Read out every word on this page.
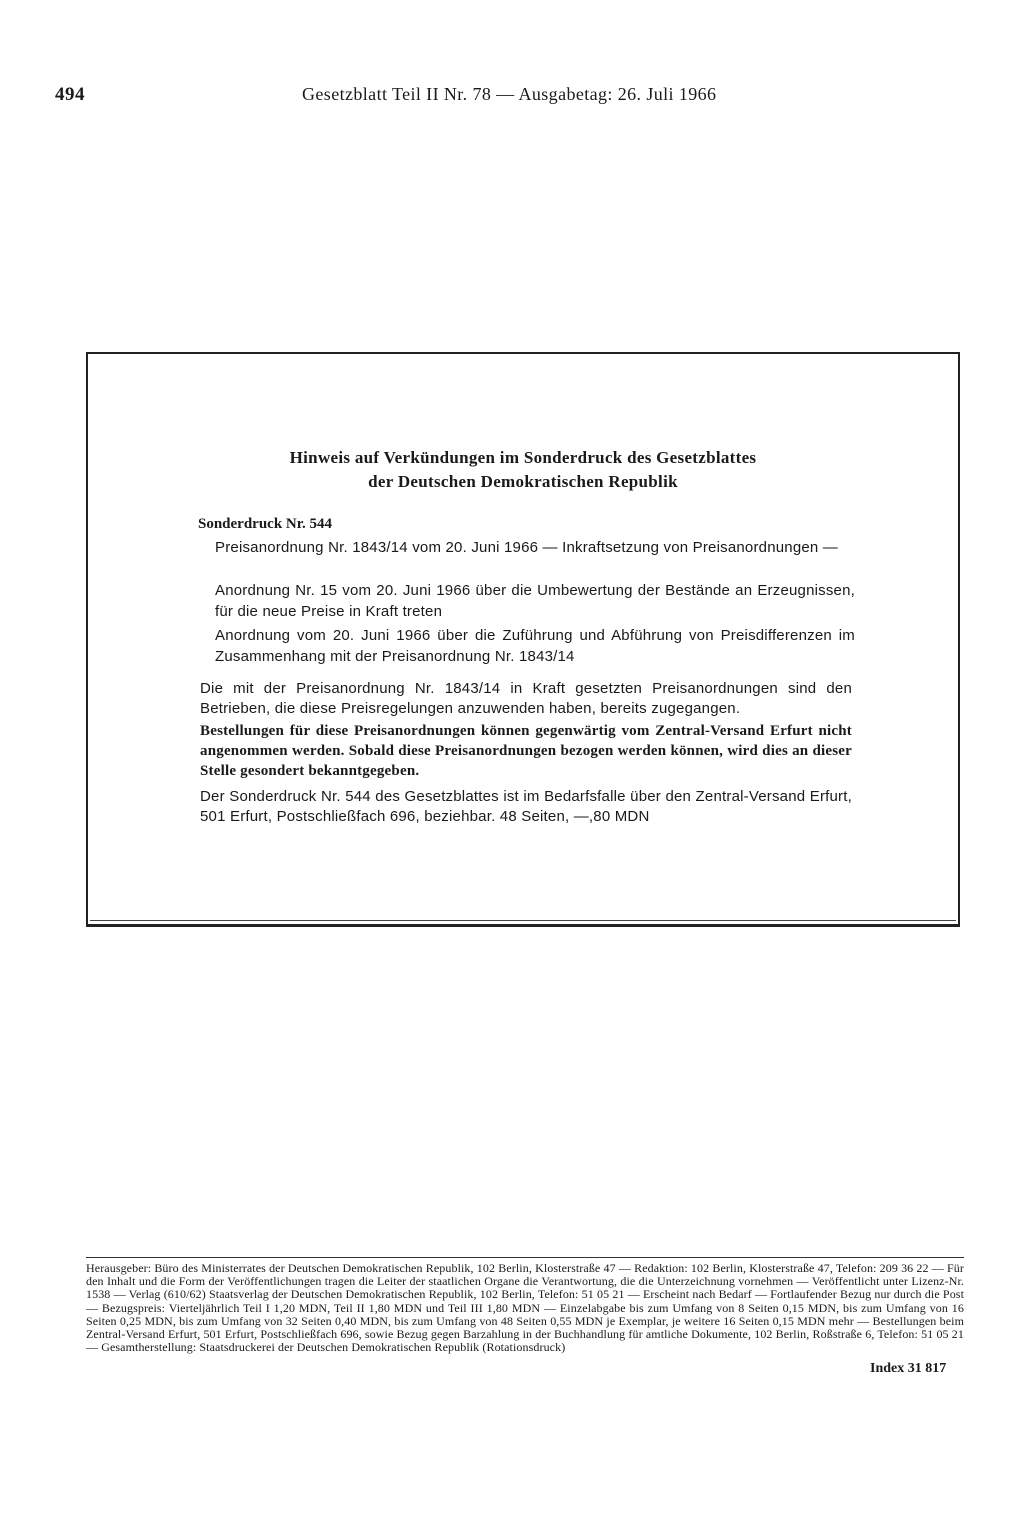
494	Gesetzblatt Teil II Nr. 78 — Ausgabetag: 26. Juli 1966
Hinweis auf Verkündungen im Sonderdruck des Gesetzblattes
der Deutschen Demokratischen Republik
Sonderdruck Nr. 544
Preisanordnung Nr. 1843/14 vom 20. Juni 1966 — Inkraftsetzung von Preisanordnungen —
Anordnung Nr. 15 vom 20. Juni 1966 über die Umbewertung der Bestände an Erzeugnissen, für die neue Preise in Kraft treten
Anordnung vom 20. Juni 1966 über die Zuführung und Abführung von Preisdifferenzen im Zusammenhang mit der Preisanordnung Nr. 1843/14
Die mit der Preisanordnung Nr. 1843/14 in Kraft gesetzten Preisanordnungen sind den Betrieben, die diese Preisregelungen anzuwenden haben, bereits zugegangen.
Bestellungen für diese Preisanordnungen können gegenwärtig vom Zentral-Versand Erfurt nicht angenommen werden. Sobald diese Preisanordnungen bezogen werden können, wird dies an dieser Stelle gesondert bekanntgegeben.
Der Sonderdruck Nr. 544 des Gesetzblattes ist im Bedarfsfalle über den Zentral-Versand Erfurt, 501 Erfurt, Postschließfach 696, beziehbar. 48 Seiten, —,80 MDN
Herausgeber: Büro des Ministerrates der Deutschen Demokratischen Republik, 102 Berlin, Klosterstraße 47 — Redaktion: 102 Berlin, Klosterstraße 47, Telefon: 209 36 22 — Für den Inhalt und die Form der Veröffentlichungen tragen die Leiter der staatlichen Organe die Verantwortung, die die Unterzeichnung vornehmen — Veröffentlicht unter Lizenz-Nr. 1538 — Verlag (610/62) Staatsverlag der Deutschen Demokratischen Republik, 102 Berlin, Telefon: 51 05 21 — Erscheint nach Bedarf — Fortlaufender Bezug nur durch die Post — Bezugspreis: Vierteljährlich Teil I 1,20 MDN, Teil II 1,80 MDN und Teil III 1,80 MDN — Einzelabgabe bis zum Umfang von 8 Seiten 0,15 MDN, bis zum Umfang von 16 Seiten 0,25 MDN, bis zum Umfang von 32 Seiten 0,40 MDN, bis zum Umfang von 48 Seiten 0,55 MDN je Exemplar, je weitere 16 Seiten 0,15 MDN mehr — Bestellungen beim Zentral-Versand Erfurt, 501 Erfurt, Postschließfach 696, sowie Bezug gegen Barzahlung in der Buchhandlung für amtliche Dokumente, 102 Berlin, Roßstraße 6, Telefon: 51 05 21 — Gesamtherstellung: Staatsdruckerei der Deutschen Demokratischen Republik (Rotationsdruck)
Index 31 817
